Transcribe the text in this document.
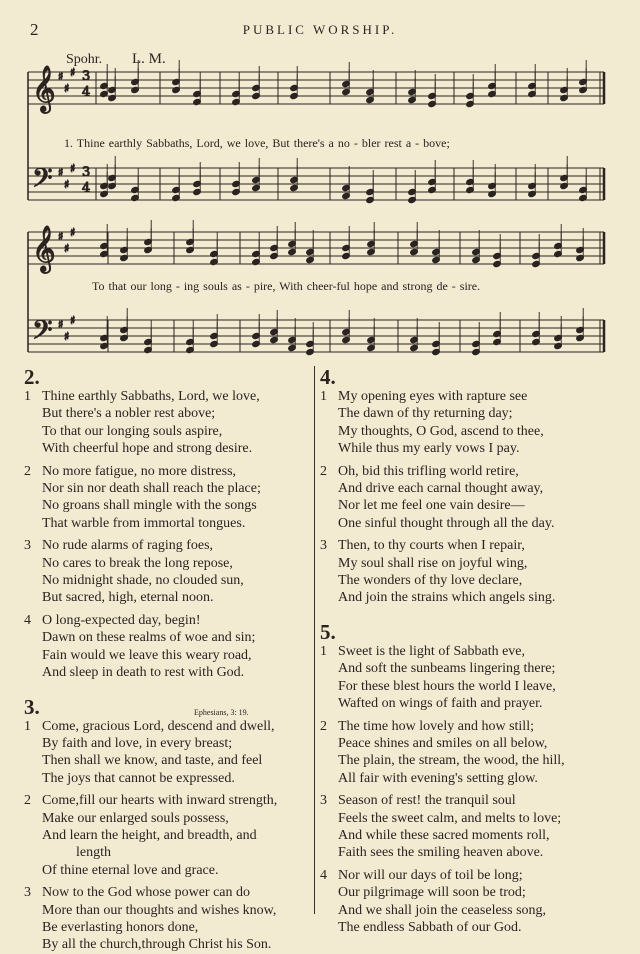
2	PUBLIC WORSHIP.
Spohr. L. M.
𝄞
𝄢
♯
♯
♯
♯
♯
♯
𝄞
𝄢
♯
♯
♯
♯
♯
♯
3
4
3
4
1. Thine earthly Sabbaths, Lord, we love, But there's a no - bler rest a - bove;
To that our long - ing souls as - pire, With cheer-ful hope and strong de - sire.
2.
1 Thine earthly Sabbaths, Lord, we love,
But there's a nobler rest above;
To that our longing souls aspire,
With cheerful hope and strong desire.
2 No more fatigue, no more distress,
Nor sin nor death shall reach the place;
No groans shall mingle with the songs
That warble from immortal tongues.
3 No rude alarms of raging foes,
No cares to break the long repose,
No midnight shade, no clouded sun,
But sacred, high, eternal noon.
4 O long-expected day, begin!
Dawn on these realms of woe and sin;
Fain would we leave this weary road,
And sleep in death to rest with God.
3.	Ephesians, 3: 19.
1 Come, gracious Lord, descend and dwell,
By faith and love, in every breast;
Then shall we know, and taste, and feel
The joys that cannot be expressed.
2 Come,fill our hearts with inward strength,
Make our enlarged souls possess,
And learn the height, and breadth, and
length
Of thine eternal love and grace.
3 Now to the God whose power can do
More than our thoughts and wishes know,
Be everlasting honors done,
By all the church,through Christ his Son.
4.
1 My opening eyes with rapture see
The dawn of thy returning day;
My thoughts, O God, ascend to thee,
While thus my early vows I pay.
2 Oh, bid this trifling world retire,
And drive each carnal thought away,
Nor let me feel one vain desire—
One sinful thought through all the day.
3 Then, to thy courts when I repair,
My soul shall rise on joyful wing,
The wonders of thy love declare,
And join the strains which angels sing.
5.
1 Sweet is the light of Sabbath eve,
And soft the sunbeams lingering there;
For these blest hours the world I leave,
Wafted on wings of faith and prayer.
2 The time how lovely and how still;
Peace shines and smiles on all below,
The plain, the stream, the wood, the hill,
All fair with evening's setting glow.
3 Season of rest! the tranquil soul
Feels the sweet calm, and melts to love;
And while these sacred moments roll,
Faith sees the smiling heaven above.
4 Nor will our days of toil be long;
Our pilgrimage will soon be trod;
And we shall join the ceaseless song,
The endless Sabbath of our God.
